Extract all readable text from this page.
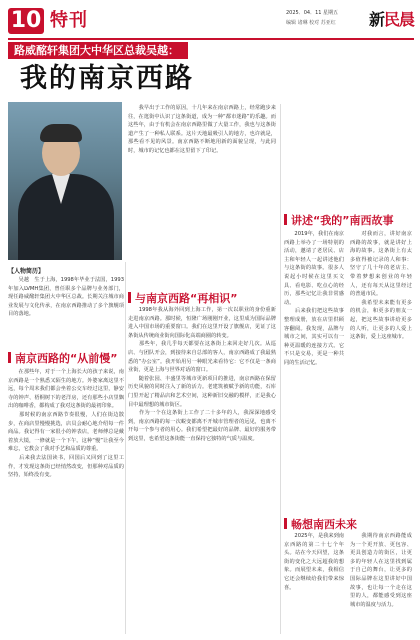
10 特刊	2025．04．11 星期五
编辑 诸琳 校对 苏亚红	新民晨
路威酩轩集团大中华区总裁吴越：
我的南京西路
　　我早出于工作的原因，十几年来在南京西路上，经常跑步来往，在逛街中认识了这条街道，成为一种“都市迷路”的乐趣。而这些年，由于有机会在南京西路里做了大量工作，我也与这条街道产生了一种私人联系。这片天地最吸引人的地方，也许就是，那些看不见的风景。南京西路不断地用新的面貌呈现，与此同时，城市的记忆也都在这里留下了印记。
【人物简历】
　　吴越　生于上海，1998年毕业于法国，1993年加入LVMH集团，曾任职多个品牌与业务部门，现任路威酩轩集团大中华区总裁。长期关注城市商业发展与文化传承，在南京西路推动了多个旗舰项目的落地。
南京西路的“从前慢”
　　在那些年，对于一个上海长大的孩子来说，南京西路是一个熟悉又陌生的地方。外婆家离这里不远，每个周末我们都会坐着公交车经过这里，静安寺的钟声、梧桐树下的老洋房，还有那些小店里飘出的咖啡香，都构成了我对这条街的最初印象。
　　那时候的南京西路节奏很慢，人们在街边散步，在商店里慢慢挑选，店员会耐心地介绍每一件商品。我记得有一家很小的钟表店，老师傅总是戴着放大镜，一修就是一个下午。这种“慢”让我至今难忘，它教会了我对手艺和品质的尊重。
　　后来我去法国读书，回国后又回到了这里工作，才发现这条街已经悄然改变，但那种对品质的坚持，始终没有变。
与南京西路“再相识”
　　1998年我从海外回到上海工作，第一次以职业的身份重新走进南京西路。那时候，恒隆广场刚刚开业，这里成为国际品牌进入中国市场的重要窗口。我们在这里开设了旗舰店，见证了这条街从传统商业街向国际化高端商圈的转变。
　　那些年，我几乎每天都要在这条街上来回走好几次。从巡店、与团队开会，到接待来自总部的客人，南京西路成了我最熟悉的“办公室”。我开始用另一种眼光来看待它：它不仅是一条商业街，更是上海与世界对话的窗口。
　　随着张园、丰盛里等城市更新项目的推进，南京西路在保留历史风貌的同时注入了新的活力。老建筑被赋予新的功能，石库门里开起了精品店和艺术空间，这种新旧交融的模样，正是我心目中最理想的城市街区。
　　作为一个在这条街上工作了二十多年的人，我深深地感受到，南京西路的每一次蜕变都离不开城市管理者的远见，也离不开每一个参与者的用心。我们希望把最好的品牌、最好的服务带到这里，也希望这条街能一直保持它独特的气质与温度。
讲述“我的”南西故事
　　2019年，我们在南京西路上举办了一场特别的活动，邀请了老居民、店主和年轻人一起讲述他们与这条街的故事。很多人说起小时候在这里买文具、看电影、吃点心的经历，那些记忆让我非常感动。
　　后来我们把这些故事整理成册，放在店里供顾客翻阅。我发现，品牌与城市之间，其实可以有一种更温暖的连接方式。它不只是交易，更是一种共同的生活记忆。
　　对我而言，讲好南京西路的故事，就是讲好上海的故事。这条街上有太多值得被记录的人和事：坚守了几十年的老店主、带着梦想来创业的年轻人，还有每天从这里经过的普通市民。
　　我希望未来能有更多的机会，和更多的朋友一起，把这些故事讲给更多的人听，让更多的人爱上这条街，爱上这座城市。
畅想南西未来
　　2025年，是我来到南京西路的第二十七个年头。站在今天回望，这条街的变化之大远超我的想象。而展望未来，我相信它还会继续给我们带来惊喜。
　　我期待南京西路能成为一个更开放、更包容、更具创造力的街区，让更多的年轻人在这里找到属于自己的舞台，让更多的国际品牌在这里讲好中国故事，也让每一个走在这里的人，都能感受到这座城市的温度与活力。
